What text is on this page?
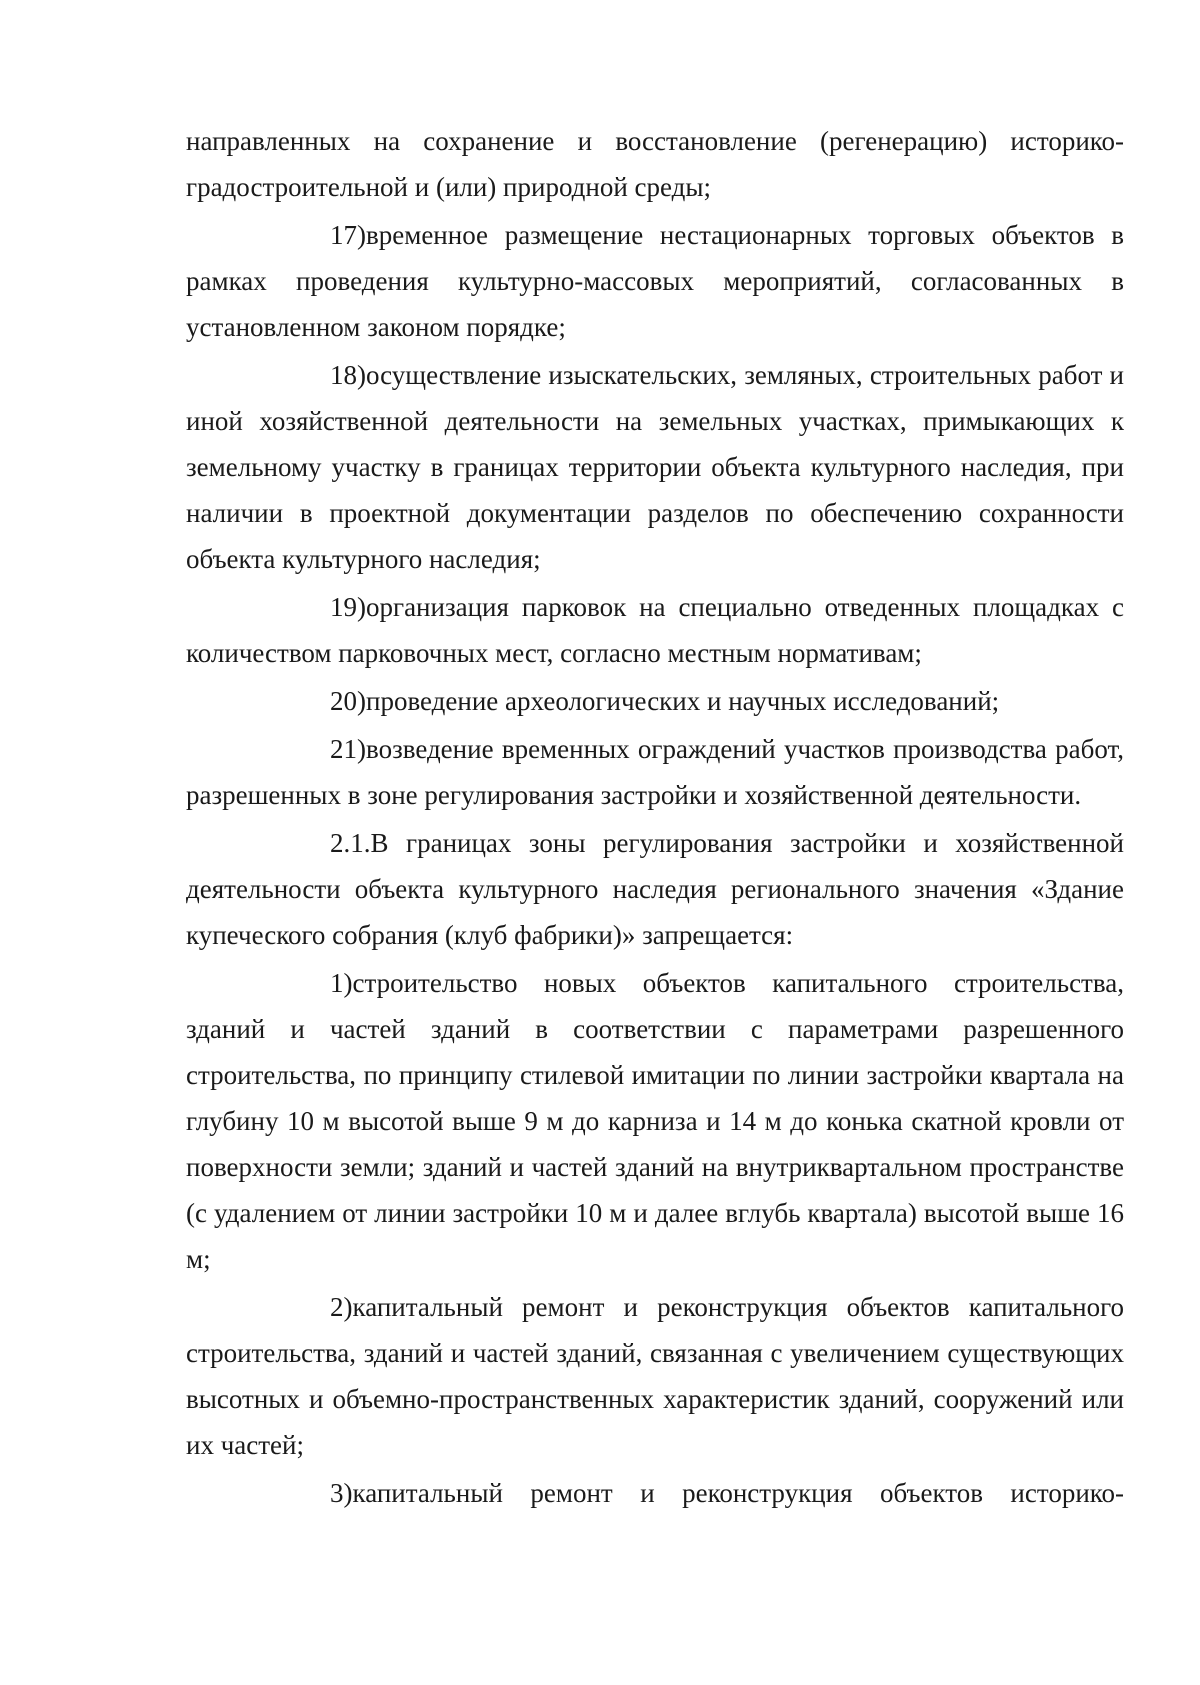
направленных на сохранение и восстановление (регенерацию) историко-градостроительной и (или) природной среды;

17)временное размещение нестационарных торговых объектов в рамках проведения культурно-массовых мероприятий, согласованных в установленном законом порядке;

18)осуществление изыскательских, земляных, строительных работ и иной хозяйственной деятельности на земельных участках, примыкающих к земельному участку в границах территории объекта культурного наследия, при наличии в проектной документации разделов по обеспечению сохранности объекта культурного наследия;

19)организация парковок на специально отведенных площадках с количеством парковочных мест, согласно местным нормативам;

20)проведение археологических и научных исследований;

21)возведение временных ограждений участков производства работ, разрешенных в зоне регулирования застройки и хозяйственной деятельности.

2.1.В границах зоны регулирования застройки и хозяйственной деятельности объекта культурного наследия регионального значения «Здание купеческого собрания (клуб фабрики)» запрещается:

1)строительство новых объектов капитального строительства, зданий и частей зданий в соответствии с параметрами разрешенного строительства, по принципу стилевой имитации по линии застройки квартала на глубину 10 м высотой выше 9 м до карниза и 14 м до конька скатной кровли от поверхности земли; зданий и частей зданий на внутриквартальном пространстве (с удалением от линии застройки 10 м и далее вглубь квартала) высотой выше 16 м;

2)капитальный ремонт и реконструкция объектов капитального строительства, зданий и частей зданий, связанная с увеличением существующих высотных и объемно-пространственных характеристик зданий, сооружений или их частей;

3)капитальный ремонт и реконструкция объектов историко-
